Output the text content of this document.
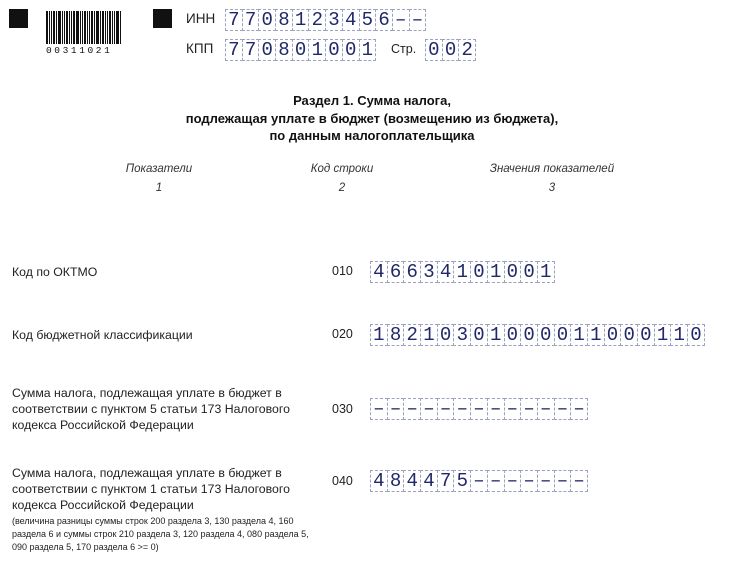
00311021
ИНН 7 7 0 8 1 2 3 4 5 6 – –
КПП 7 7 0 8 0 1 0 0 1 Стр. 0 0 2
Раздел 1. Сумма налога,
подлежащая уплате в бюджет (возмещению из бюджета),
по данным налогоплательщика
Показатели
1
Код строки
2
Значения показателей
3
Код по ОКТМО	010 4 6 6 3 4 1 0 1 0 0 1
Код бюджетной классификации	020 1 8 2 1 0 3 0 1 0 0 0 0 1 1 0 0 0 1 1 0
Сумма налога, подлежащая уплате в бюджет в соответствии с пунктом 5 статьи 173 Налогового кодекса Российской Федерации
030 – – – – – – – – – – – – –
Сумма налога, подлежащая уплате в бюджет в соответствии с пунктом 1 статьи 173 Налогового кодекса Российской Федерации
(величина разницы суммы строк 200 раздела 3, 130 раздела 4, 160 раздела 6 и суммы строк 210 раздела 3, 120 раздела 4, 080 раздела 5, 090 раздела 5, 170 раздела 6 >= 0)
040 4 8 4 4 7 5 – – – – – – –
